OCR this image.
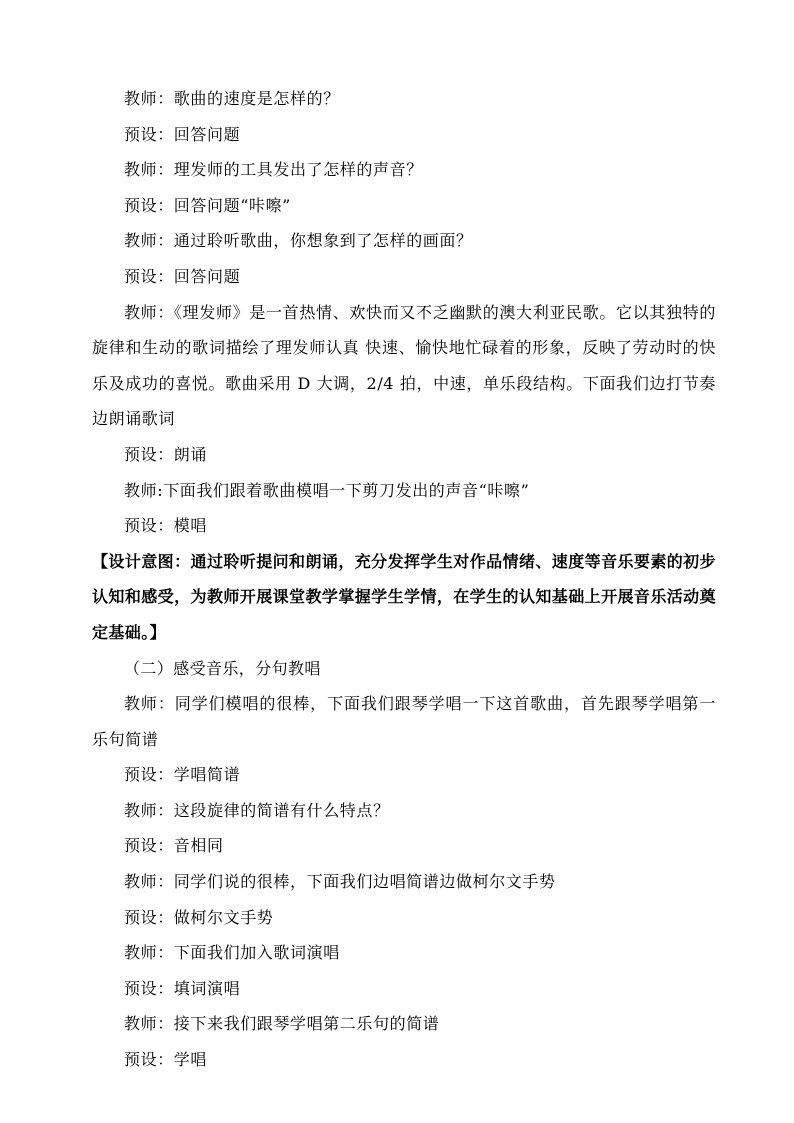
教师：歌曲的速度是怎样的？

预设：回答问题

教师：理发师的工具发出了怎样的声音？

预设：回答问题“咔嚓”

教师：通过聆听歌曲，你想象到了怎样的画面？

预设：回答问题

教师：《理发师》是一首热情、欢快而又不乏幽默的澳大利亚民歌。它以其独特的旋律和生动的歌词描绘了理发师认真 快速、愉快地忙碌着的形象，反映了劳动时的快乐及成功的喜悦。歌曲采用 D 大调，2/4 拍，中速，单乐段结构。下面我们边打节奏边朗诵歌词

预设：朗诵

教师:下面我们跟着歌曲模唱一下剪刀发出的声音“咔嚓”

预设：模唱

【设计意图：通过聆听提问和朗诵，充分发挥学生对作品情绪、速度等音乐要素的初步认知和感受，为教师开展课堂教学掌握学生学情，在学生的认知基础上开展音乐活动奠定基础。】

（二）感受音乐，分句教唱

教师：同学们模唱的很棒，下面我们跟琴学唱一下这首歌曲，首先跟琴学唱第一乐句简谱

预设：学唱简谱

教师：这段旋律的简谱有什么特点？

预设：音相同

教师：同学们说的很棒，下面我们边唱简谱边做柯尔文手势

预设：做柯尔文手势

教师：下面我们加入歌词演唱

预设：填词演唱

教师：接下来我们跟琴学唱第二乐句的简谱

预设：学唱
